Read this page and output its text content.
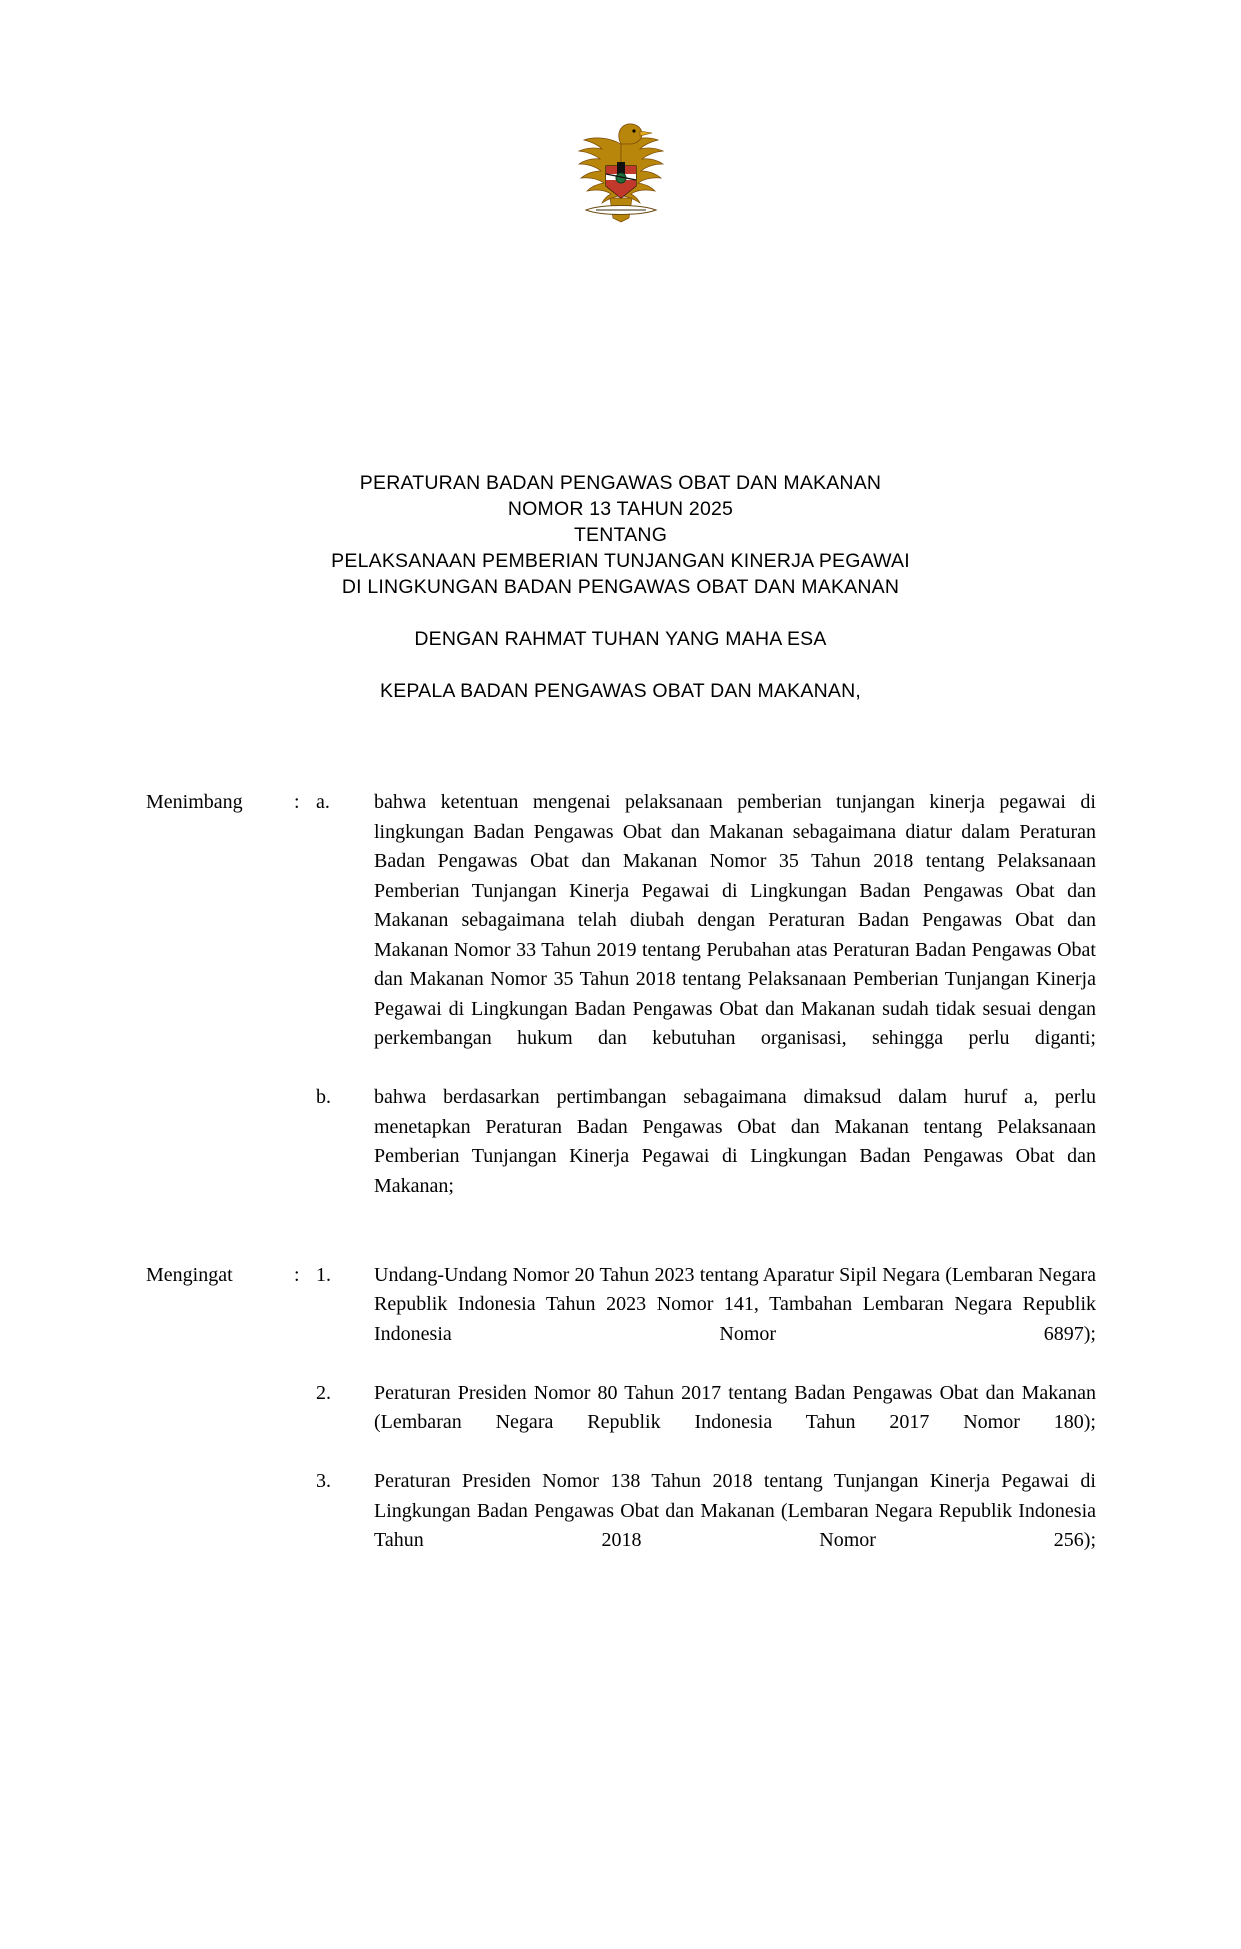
PERATURAN BADAN PENGAWAS OBAT DAN MAKANAN
NOMOR 13 TAHUN 2025
TENTANG
PELAKSANAAN PEMBERIAN TUNJANGAN KINERJA PEGAWAI
DI LINGKUNGAN BADAN PENGAWAS OBAT DAN MAKANAN
DENGAN RAHMAT TUHAN YANG MAHA ESA
KEPALA BADAN PENGAWAS OBAT DAN MAKANAN,
Menimbang	: a.	bahwa ketentuan mengenai pelaksanaan pemberian tunjangan kinerja pegawai di lingkungan Badan Pengawas Obat dan Makanan sebagaimana diatur dalam Peraturan Badan Pengawas Obat dan Makanan Nomor 35 Tahun 2018 tentang Pelaksanaan Pemberian Tunjangan Kinerja Pegawai di Lingkungan Badan Pengawas Obat dan Makanan sebagaimana telah diubah dengan Peraturan Badan Pengawas Obat dan Makanan Nomor 33 Tahun 2019 tentang Perubahan atas Peraturan Badan Pengawas Obat dan Makanan Nomor 35 Tahun 2018 tentang Pelaksanaan Pemberian Tunjangan Kinerja Pegawai di Lingkungan Badan Pengawas Obat dan Makanan sudah tidak sesuai dengan perkembangan hukum dan kebutuhan organisasi, sehingga perlu diganti;
b.	bahwa berdasarkan pertimbangan sebagaimana dimaksud dalam huruf a, perlu menetapkan Peraturan Badan Pengawas Obat dan Makanan tentang Pelaksanaan Pemberian Tunjangan Kinerja Pegawai di Lingkungan Badan Pengawas Obat dan Makanan;
Mengingat	: 1.	Undang-Undang Nomor 20 Tahun 2023 tentang Aparatur Sipil Negara (Lembaran Negara Republik Indonesia Tahun 2023 Nomor 141, Tambahan Lembaran Negara Republik Indonesia Nomor 6897);
2.	Peraturan Presiden Nomor 80 Tahun 2017 tentang Badan Pengawas Obat dan Makanan (Lembaran Negara Republik Indonesia Tahun 2017 Nomor 180);
3.	Peraturan Presiden Nomor 138 Tahun 2018 tentang Tunjangan Kinerja Pegawai di Lingkungan Badan Pengawas Obat dan Makanan (Lembaran Negara Republik Indonesia Tahun 2018 Nomor 256);
